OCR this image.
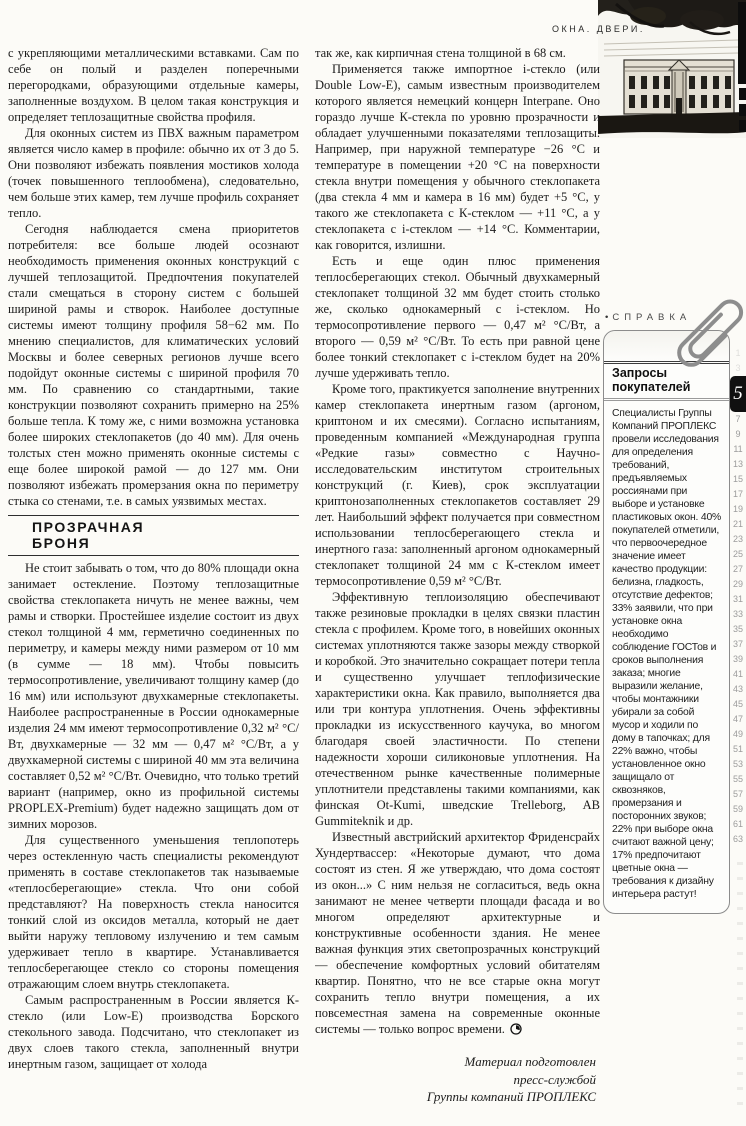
ОКНА. ДВЕРИ.

с укрепляющими металлическими вставками. Сам по себе он полый и разделен поперечными перегородками, образующими отдельные камеры, заполненные воздухом. В целом такая конструкция и определяет теплозащитные свойства профиля.

Для оконных систем из ПВХ важным параметром является число камер в профиле: обычно их от 3 до 5. Они позволяют избежать появления мостиков холода (точек повышенного теплообмена), следовательно, чем больше этих камер, тем лучше профиль сохраняет тепло.

Сегодня наблюдается смена приоритетов потребителя: все больше людей осознают необходимость применения оконных конструкций с лучшей теплозащитой. Предпочтения покупателей стали смещаться в сторону систем с большей шириной рамы и створок. Наиболее доступные системы имеют толщину профиля 58−62 мм. По мнению специалистов, для климатических условий Москвы и более северных регионов лучше всего подойдут оконные системы с шириной профиля 70 мм. По сравнению со стандартными, такие конструкции позволяют сохранить примерно на 25% больше тепла. К тому же, с ними возможна установка более широких стеклопакетов (до 40 мм). Для очень толстых стен можно применять оконные системы с еще более широкой рамой — до 127 мм. Они позволяют избежать промерзания окна по периметру стыка со стенами, т.е. в самых уязвимых местах.

ПРОЗРАЧНАЯ
БРОНЯ

Не стоит забывать о том, что до 80% площади окна занимает остекление. Поэтому теплозащитные свойства стеклопакета ничуть не менее важны, чем рамы и створки. Простейшее изделие состоит из двух стекол толщиной 4 мм, герметично соединенных по периметру, и камеры между ними размером от 10 мм (в сумме — 18 мм). Чтобы повысить термосопротивление, увеличивают толщину камер (до 16 мм) или используют двухкамерные стеклопакеты. Наиболее распространенные в России однокамерные изделия 24 мм имеют термосопротивление 0,32 м² °С/Вт, двухкамерные — 32 мм — 0,47 м² °С/Вт, а у двухкамерной системы с шириной 40 мм эта величина составляет 0,52 м² °С/Вт. Очевидно, что только третий вариант (например, окно из профильной системы PROPLEX-Premium) будет надежно защищать дом от зимних морозов.

Для существенного уменьшения теплопотерь через остекленную часть специалисты рекомендуют применять в составе стеклопакетов так называемые «теплосберегающие» стекла. Что они собой представляют? На поверхность стекла наносится тонкий слой из оксидов металла, который не дает выйти наружу тепловому излучению и тем самым удерживает тепло в квартире. Устанавливается теплосберегающее стекло со стороны помещения отражающим слоем внутрь стеклопакета.

Самым распространенным в России является К-стекло (или Low-E) производства Борского стекольного завода. Подсчитано, что стеклопакет из двух слоев такого стекла, заполненный внутри инертным газом, защищает от холода

так же, как кирпичная стена толщиной в 68 см.

Применяется также импортное i-стекло (или Double Low-E), самым известным производителем которого является немецкий концерн Interpane. Оно гораздо лучше К-стекла по уровню прозрачности и обладает улучшенными показателями теплозащиты. Например, при наружной температуре −26 °С и температуре в помещении +20 °С на поверхности стекла внутри помещения у обычного стеклопакета (два стекла 4 мм и камера в 16 мм) будет +5 °С, у такого же стеклопакета с К-стеклом — +11 °С, а у стеклопакета с i-стеклом — +14 °С. Комментарии, как говорится, излишни.

Есть и еще один плюс применения теплосберегающих стекол. Обычный двухкамерный стеклопакет толщиной 32 мм будет стоить столько же, сколько однокамерный с i-стеклом. Но термосопротивление первого — 0,47 м² °С/Вт, а второго — 0,59 м² °С/Вт. То есть при равной цене более тонкий стеклопакет с i-стеклом будет на 20% лучше удерживать тепло.

Кроме того, практикуется заполнение внутренних камер стеклопакета инертным газом (аргоном, криптоном и их смесями). Согласно испытаниям, проведенным компанией «Международная группа «Редкие газы» совместно с Научно-исследовательским институтом строительных конструкций (г. Киев), срок эксплуатации криптонозаполненных стеклопакетов составляет 29 лет. Наибольший эффект получается при совместном использовании теплосберегающего стекла и инертного газа: заполненный аргоном однокамерный стеклопакет толщиной 24 мм с К-стеклом имеет термосопротивление 0,59 м² °С/Вт.

Эффективную теплоизоляцию обеспечивают также резиновые прокладки в целях связки пластин стекла с профилем. Кроме того, в новейших оконных системах уплотняются также зазоры между створкой и коробкой. Это значительно сокращает потери тепла и существенно улучшает теплофизические характеристики окна. Как правило, выполняется два или три контура уплотнения. Очень эффективны прокладки из искусственного каучука, во многом благодаря своей эластичности. По степени надежности хороши силиконовые уплотнения. На отечественном рынке качественные полимерные уплотнители представлены такими компаниями, как финская Ot-Kumi, шведские Trelleborg, AB Gummiteknik и др.

Известный австрийский архитектор Фриденсрайх Хундертвассер: «Некоторые думают, что дома состоят из стен. Я же утверждаю, что дома состоят из окон...» С ним нельзя не согласиться, ведь окна занимают не менее четверти площади фасада и во многом определяют архитектурные и конструктивные особенности здания. Не менее важная функция этих светопрозрачных конструкций — обеспечение комфортных условий обитателям квартир. Понятно, что не все старые окна могут сохранить тепло внутри помещения, а их повсеместная замена на современные оконные системы — только вопрос времени.

Материал подготовлен
пресс-службой
Группы компаний ПРОПЛЕКС
• СПРАВКА
Запросы покупателей
Специалисты Группы Компаний ПРОПЛЕКС провели исследования для определения требований, предъявляемых россиянами при выборе и установке пластиковых окон. 40% покупателей отметили, что первоочередное значение имеет качество продукции: белизна, гладкость, отсутствие дефектов; 33% заявили, что при установке окна необходимо соблюдение ГОСТов и сроков выполнения заказа; многие выразили желание, чтобы монтажники убирали за собой мусор и ходили по дому в тапочках; для 22% важно, чтобы установленное окно защищало от сквозняков, промерзания и посторонних звуков; 22% при выборе окна считают важной цену; 17% предпочитают цветные окна — требования к дизайну интерьера растут!
1
3
5
7
9
11
13
15
17
19
21
23
25
27
29
31
33
35
37
39
41
43
45
47
49
51
53
55
57
59
61
63
